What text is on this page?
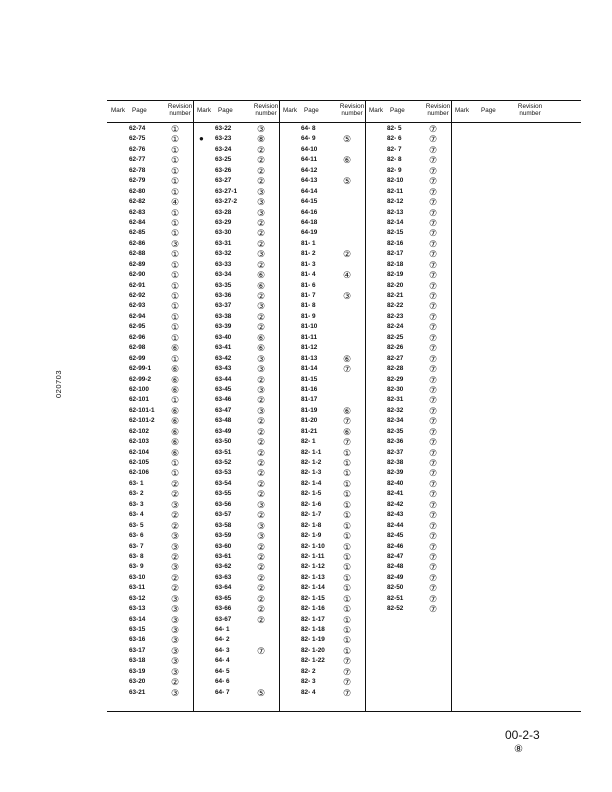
020703
Mark Page
Revision number
62-74	①
62-75	①
62-76	①
62-77	①
62-78	①
62-79	①
62-80	①
62-82	④
62-83	①
62-84	①
62-85	①
62-86	③
62-88	①
62-89	①
62-90	①
62-91	①
62-92	①
62-93	①
62-94	①
62-95	①
62-96	①
62-98	⑥
62-99	①
62-99-1 ⑥
62-99-2 ⑥
62-100 ⑥
62-101 ①
62-101-1 ⑥
62-101-2 ⑥
62-102 ⑥
62-103 ⑥
62-104 ⑥
62-105 ①
62-106 ①
63- 1	②
63- 2	②
63- 3	③
63- 4	②
63- 5	②
63- 6	③
63- 7	③
63- 8	②
63- 9	③
63-10	②
63-11	②
63-12	③
63-13	③
63-14	③
63-15	③
63-16	③
63-17	③
63-18	③
63-19	③
63-20	②
63-21	③
Mark Page
Revision number
63-22	③
● 63-23	⑧
63-24	②
63-25	②
63-26	②
63-27	②
63-27-1 ③
63-27-2 ③
63-28	③
63-29	②
63-30	②
63-31	②
63-32	③
63-33	②
63-34	⑥
63-35	⑥
63-36	②
63-37	③
63-38	②
63-39	②
63-40	⑥
63-41	⑥
63-42	③
63-43	③
63-44	②
63-45	③
63-46	②
63-47	③
63-48	②
63-49	②
63-50	②
63-51	②
63-52	②
63-53	②
63-54	②
63-55	②
63-56	③
63-57	②
63-58	③
63-59	③
63-60	②
63-61	②
63-62	②
63-63	②
63-64	②
63-65	②
63-66	②
63-67	②
64- 1
64- 2
64- 3	⑦
64- 4
64- 5
64- 6
64- 7	⑤
Mark Page
Revision number
64- 8
64- 9	⑤
64-10
64-11	⑥
64-12
64-13	⑤
64-14
64-15
64-16
64-18
64-19
81- 1
81- 2	②
81- 3
81- 4	④
81- 6
81- 7	③
81- 8
81- 9
81-10
81-11
81-12
81-13	⑥
81-14	⑦
81-15
81-16
81-17
81-19	⑥
81-20	⑦
81-21	⑥
82- 1	⑦
82- 1-1 ①
82- 1-2 ①
82- 1-3 ①
82- 1-4 ①
82- 1-5 ①
82- 1-6 ①
82- 1-7 ①
82- 1-8 ①
82- 1-9 ①
82- 1-10 ①
82- 1-11 ①
82- 1-12 ①
82- 1-13 ①
82- 1-14 ①
82- 1-15 ①
82- 1-16 ①
82- 1-17 ①
82- 1-18 ①
82- 1-19 ①
82- 1-20 ①
82- 1-22 ⑦
82- 2	⑦
82- 3	⑦
82- 4	⑦
Mark Page
Revision number
82- 5	⑦
82- 6	⑦
82- 7	⑦
82- 8	⑦
82- 9	⑦
82-10	⑦
82-11	⑦
82-12	⑦
82-13	⑦
82-14	⑦
82-15	⑦
82-16	⑦
82-17	⑦
82-18	⑦
82-19	⑦
82-20	⑦
82-21	⑦
82-22	⑦
82-23	⑦
82-24	⑦
82-25	⑦
82-26	⑦
82-27	⑦
82-28	⑦
82-29	⑦
82-30	⑦
82-31	⑦
82-32	⑦
82-34	⑦
82-35	⑦
82-36	⑦
82-37	⑦
82-38	⑦
82-39	⑦
82-40	⑦
82-41	⑦
82-42	⑦
82-43	⑦
82-44	⑦
82-45	⑦
82-46	⑦
82-47	⑦
82-48	⑦
82-49	⑦
82-50	⑦
82-51	⑦
82-52	⑦
Mark Page
Revision number
00-2-3
⑧
